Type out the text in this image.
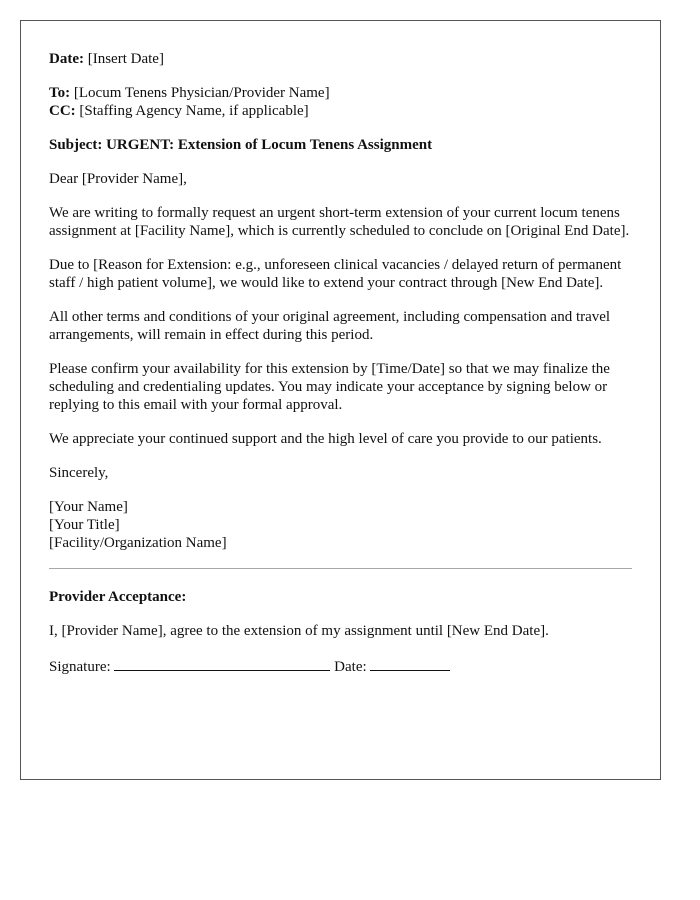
Date: [Insert Date]

To: [Locum Tenens Physician/Provider Name]

CC: [Staffing Agency Name, if applicable]

Subject: URGENT: Extension of Locum Tenens Assignment

Dear [Provider Name],

We are writing to formally request an urgent short-term extension of your current locum tenens assignment at [Facility Name], which is currently scheduled to conclude on [Original End Date].

Due to [Reason for Extension: e.g., unforeseen clinical vacancies / delayed return of permanent staff / high patient volume], we would like to extend your contract through [New End Date].

All other terms and conditions of your original agreement, including compensation and travel arrangements, will remain in effect during this period.

Please confirm your availability for this extension by [Time/Date] so that we may finalize the scheduling and credentialing updates. You may indicate your acceptance by signing below or replying to this email with your formal approval.

We appreciate your continued support and the high level of care you provide to our patients.

Sincerely,

[Your Name]

[Your Title]

[Facility/Organization Name]

Provider Acceptance:

I, [Provider Name], agree to the extension of my assignment until [New End Date].

Signature:	Date:
